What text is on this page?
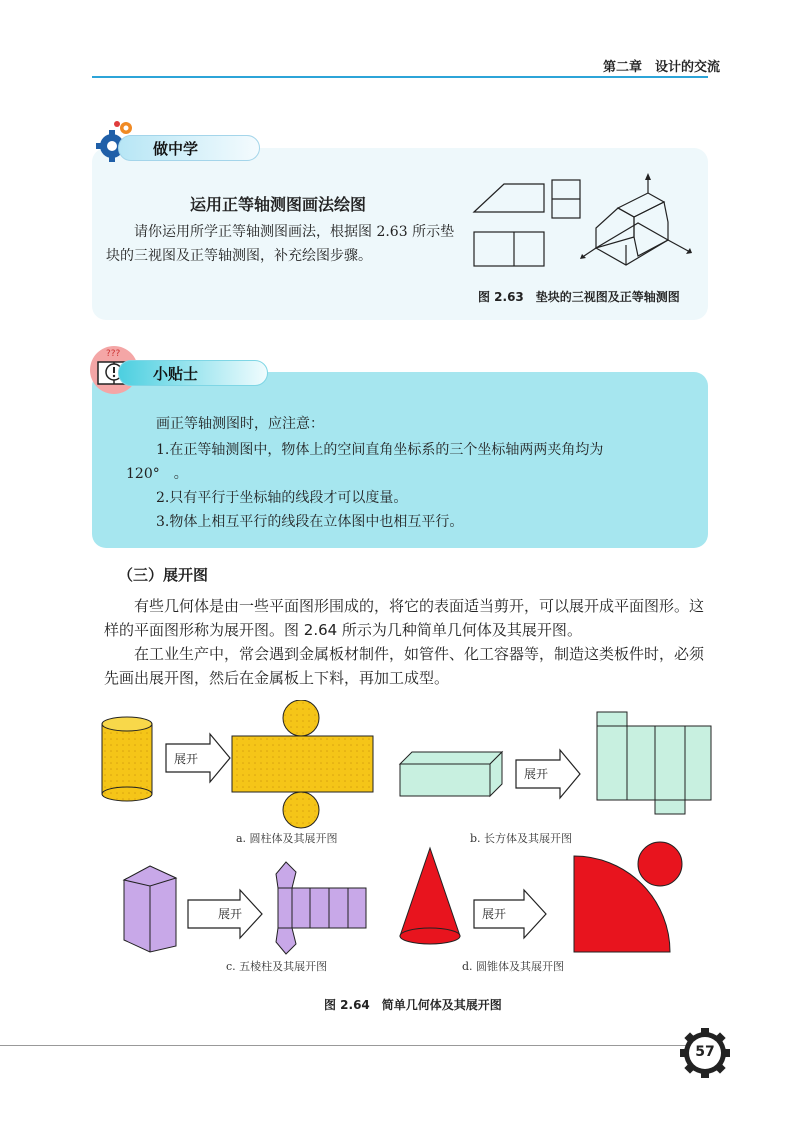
第二章　设计的交流
做中学
运用正等轴测图画法绘图
请你运用所学正等轴测图画法，根据图 2.63 所示垫块的三视图及正等轴测图，补充绘图步骤。
图 2.63　垫块的三视图及正等轴测图
???
小贴士
画正等轴测图时，应注意：
1.在正等轴测图中，物体上的空间直角坐标系的三个坐标轴两两夹角均为
120°　。
2.只有平行于坐标轴的线段才可以度量。
3.物体上相互平行的线段在立体图中也相互平行。
（三）展开图
有些几何体是由一些平面图形围成的，将它的表面适当剪开，可以展开成平面图形。这样的平面图形称为展开图。图 2.64 所示为几种简单几何体及其展开图。
在工业生产中，常会遇到金属板材制件，如管件、化工容器等，制造这类板件时，必须先画出展开图，然后在金属板上下料，再加工成型。
展开
展开
展开	展开
a. 圆柱体及其展开图	b. 长方体及其展开图
c. 五棱柱及其展开图	d. 圆锥体及其展开图
图 2.64　简单几何体及其展开图
57
